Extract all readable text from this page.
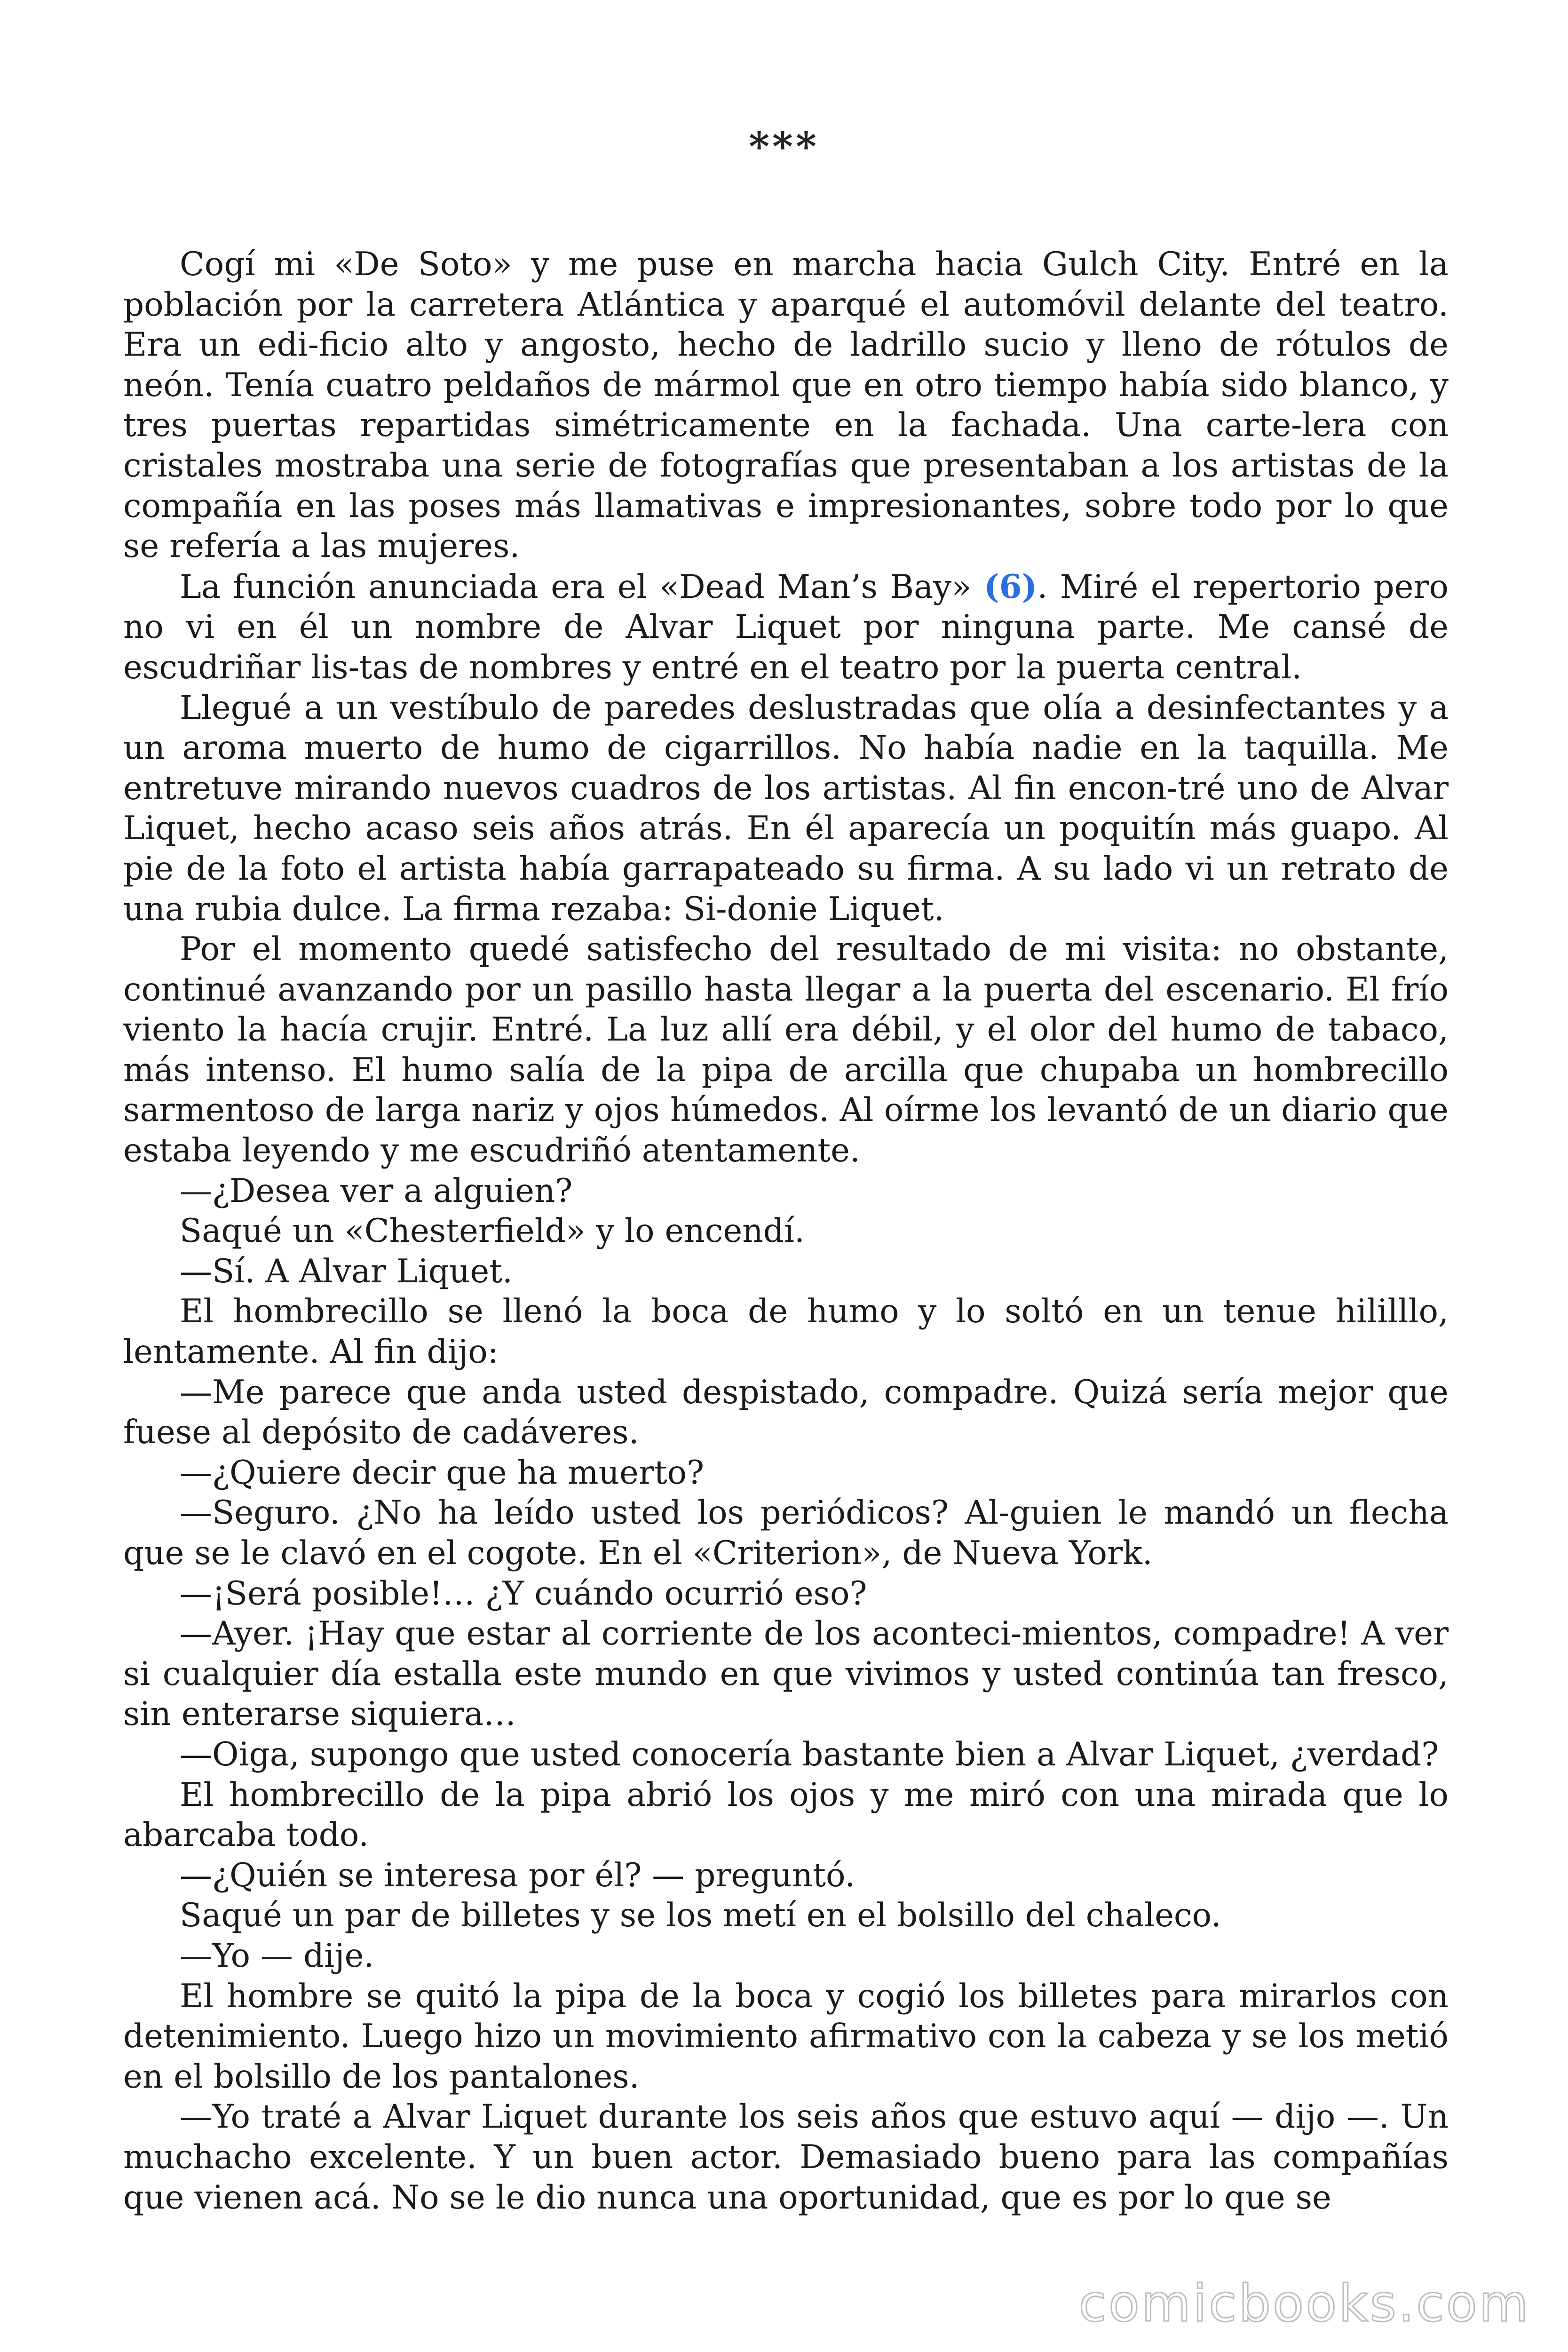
***

Cogí mi «De Soto» y me puse en marcha hacia Gulch City. Entré en la población por la carretera Atlántica y aparqué el automóvil delante del teatro. Era un edi-ficio alto y angosto, hecho de ladrillo sucio y lleno de rótulos de neón. Tenía cuatro peldaños de mármol que en otro tiempo había sido blanco, y tres puertas repartidas simétricamente en la fachada. Una carte-lera con cristales mostraba una serie de fotografías que presentaban a los artistas de la compañía en las poses más llamativas e impresionantes, sobre todo por lo que se refería a las mujeres.

La función anunciada era el «Dead Man’s Bay» (6). Miré el repertorio pero no vi en él un nombre de Alvar Liquet por ninguna parte. Me cansé de escudriñar lis-tas de nombres y entré en el teatro por la puerta central.

Llegué a un vestíbulo de paredes deslustradas que olía a desinfectantes y a un aroma muerto de humo de cigarrillos. No había nadie en la taquilla. Me entretuve mirando nuevos cuadros de los artistas. Al fin encon-tré uno de Alvar Liquet, hecho acaso seis años atrás. En él aparecía un poquitín más guapo. Al pie de la foto el artista había garrapateado su firma. A su lado vi un retrato de una rubia dulce. La firma rezaba: Si-donie Liquet.

Por el momento quedé satisfecho del resultado de mi visita: no obstante, continué avanzando por un pasillo hasta llegar a la puerta del escenario. El frío viento la hacía crujir. Entré. La luz allí era débil, y el olor del humo de tabaco, más intenso. El humo salía de la pipa de arcilla que chupaba un hombrecillo sarmentoso de larga nariz y ojos húmedos. Al oírme los levantó de un diario que estaba leyendo y me escudriñó atentamente.

—¿Desea ver a alguien?

Saqué un «Chesterfield» y lo encendí.

—Sí. A Alvar Liquet.

El hombrecillo se llenó la boca de humo y lo soltó en un tenue hililllo, lentamente. Al fin dijo:

—Me parece que anda usted despistado, compadre. Quizá sería mejor que fuese al depósito de cadáveres.

—¿Quiere decir que ha muerto?

—Seguro. ¿No ha leído usted los periódicos? Al-guien le mandó un flecha que se le clavó en el cogote. En el «Criterion», de Nueva York.

—¡Será posible!… ¿Y cuándo ocurrió eso?

—Ayer. ¡Hay que estar al corriente de los aconteci-mientos, compadre! A ver si cualquier día estalla este mundo en que vivimos y usted continúa tan fresco, sin enterarse siquiera…

—Oiga, supongo que usted conocería bastante bien a Alvar Liquet, ¿verdad?

El hombrecillo de la pipa abrió los ojos y me miró con una mirada que lo abarcaba todo.

—¿Quién se interesa por él? — preguntó.

Saqué un par de billetes y se los metí en el bolsillo del chaleco.

—Yo — dije.

El hombre se quitó la pipa de la boca y cogió los billetes para mirarlos con detenimiento. Luego hizo un movimiento afirmativo con la cabeza y se los metió en el bolsillo de los pantalones.

—Yo traté a Alvar Liquet durante los seis años que estuvo aquí — dijo —. Un muchacho excelente. Y un buen actor. Demasiado bueno para las compañías que vienen acá. No se le dio nunca una oportunidad, que es por lo que se

comicbooks.com
